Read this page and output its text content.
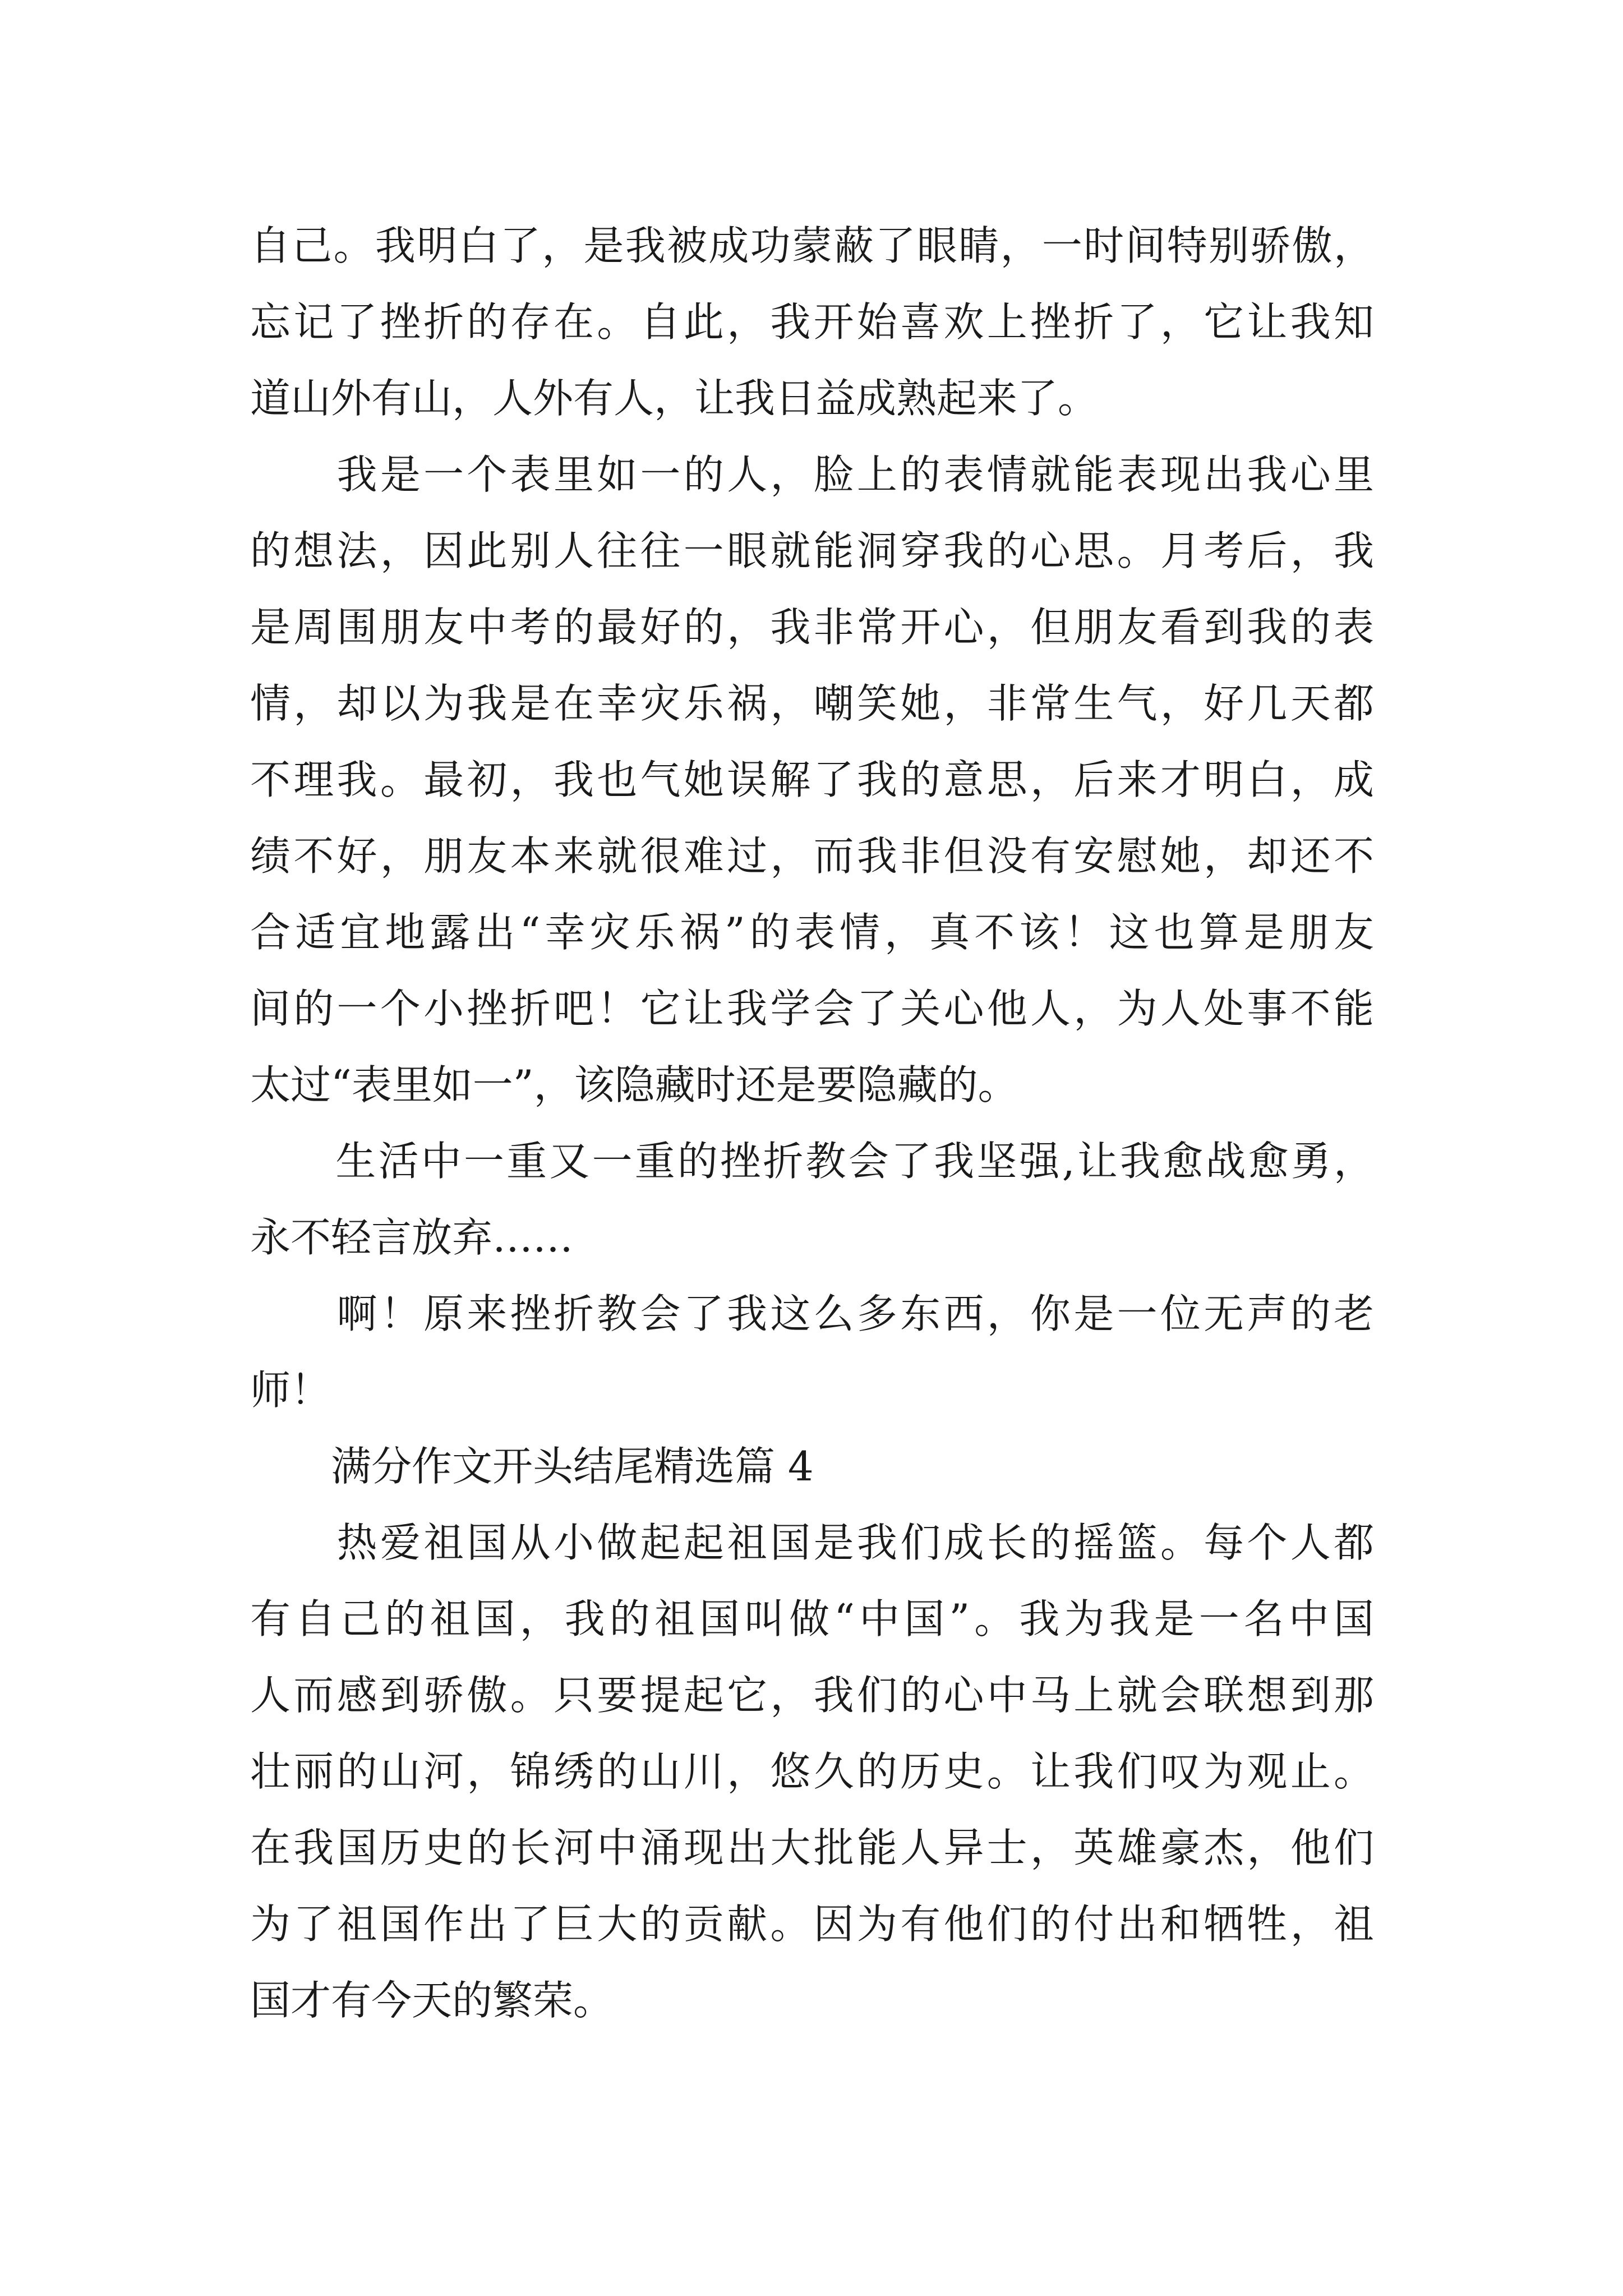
自己。我明白了，是我被成功蒙蔽了眼睛，一时间特别骄傲，
忘记了挫折的存在。自此，我开始喜欢上挫折了，它让我知
道山外有山，人外有人，让我日益成熟起来了。
　　我是一个表里如一的人，脸上的表情就能表现出我心里
的想法，因此别人往往一眼就能洞穿我的心思。月考后，我
是周围朋友中考的最好的，我非常开心，但朋友看到我的表
情，却以为我是在幸灾乐祸，嘲笑她，非常生气，好几天都
不理我。最初，我也气她误解了我的意思，后来才明白，成
绩不好，朋友本来就很难过，而我非但没有安慰她，却还不
合适宜地露出“幸灾乐祸”的表情，真不该！这也算是朋友
间的一个小挫折吧！它让我学会了关心他人，为人处事不能
太过“表里如一”，该隐藏时还是要隐藏的。
　　生活中一重又一重的挫折教会了我坚强,让我愈战愈勇，
永不轻言放弃……
　　啊！原来挫折教会了我这么多东西，你是一位无声的老
师！
　　满分作文开头结尾精选篇 4
　　热爱祖国从小做起起祖国是我们成长的摇篮。每个人都
有自己的祖国，我的祖国叫做“中国”。我为我是一名中国
人而感到骄傲。只要提起它，我们的心中马上就会联想到那
壮丽的山河，锦绣的山川，悠久的历史。让我们叹为观止。
在我国历史的长河中涌现出大批能人异士，英雄豪杰，他们
为了祖国作出了巨大的贡献。因为有他们的付出和牺牲，祖
国才有今天的繁荣。
